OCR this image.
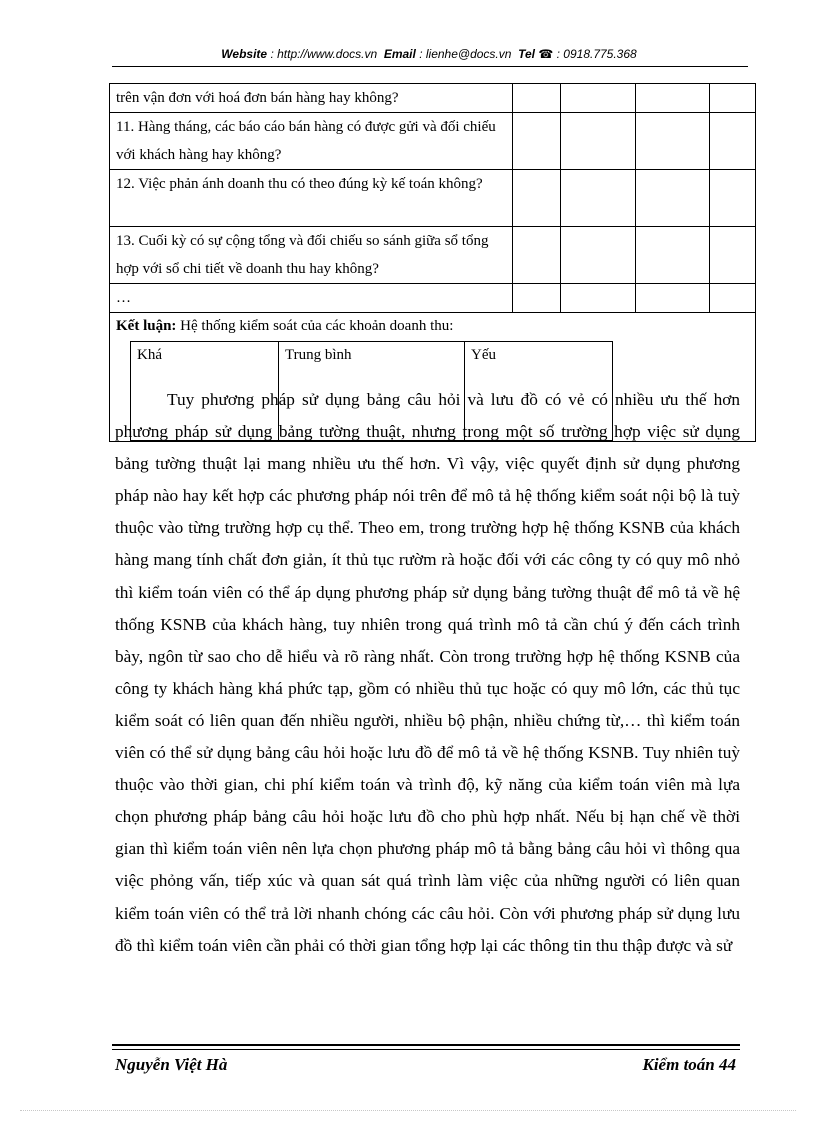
Website : http://www.docs.vn Email : lienhe@docs.vn Tel ☎ : 0918.775.368
trên vận đơn với hoá đơn bán hàng hay không?				
11. Hàng tháng, các báo cáo bán hàng có được gửi và đối chiếu với khách hàng hay không?				
12. Việc phản ánh doanh thu có theo đúng kỳ kế toán không?				
13. Cuối kỳ có sự cộng tổng và đối chiếu so sánh giữa sổ tổng hợp với sổ chi tiết về doanh thu hay không?				
…				
Kết luận: Hệ thống kiểm soát của các khoản doanh thu:
Khá	Trung bình	Yếu

Tuy phương pháp sử dụng bảng câu hỏi và lưu đồ có vẻ có nhiều ưu thế hơn phương pháp sử dụng bảng tường thuật, nhưng trong một số trường hợp việc sử dụng bảng tường thuật lại mang nhiều ưu thế hơn. Vì vậy, việc quyết định sử dụng phương pháp nào hay kết hợp các phương pháp nói trên để mô tả hệ thống kiểm soát nội bộ là tuỳ thuộc vào từng trường hợp cụ thể. Theo em, trong trường hợp hệ thống KSNB của khách hàng mang tính chất đơn giản, ít thủ tục rườm rà hoặc đối với các công ty có quy mô nhỏ thì kiểm toán viên có thể áp dụng phương pháp sử dụng bảng tường thuật để mô tả về hệ thống KSNB của khách hàng, tuy nhiên trong quá trình mô tả cần chú ý đến cách trình bày, ngôn từ sao cho dễ hiểu và rõ ràng nhất. Còn trong trường hợp hệ thống KSNB của công ty khách hàng khá phức tạp, gồm có nhiều thủ tục hoặc có quy mô lớn, các thủ tục kiểm soát có liên quan đến nhiều người, nhiều bộ phận, nhiều chứng từ,… thì kiểm toán viên có thể sử dụng bảng câu hỏi hoặc lưu đồ để mô tả về hệ thống KSNB. Tuy nhiên tuỳ thuộc vào thời gian, chi phí kiểm toán và trình độ, kỹ năng của kiểm toán viên mà lựa chọn phương pháp bảng câu hỏi hoặc lưu đồ cho phù hợp nhất. Nếu bị hạn chế về thời gian thì kiểm toán viên nên lựa chọn phương pháp mô tả bằng bảng câu hỏi vì thông qua việc phỏng vấn, tiếp xúc và quan sát quá trình làm việc của những người có liên quan kiểm toán viên có thể trả lời nhanh chóng các câu hỏi. Còn với phương pháp sử dụng lưu đồ thì kiểm toán viên cần phải có thời gian tổng hợp lại các thông tin thu thập được và sử

Nguyễn Việt Hà	Kiểm toán 44
